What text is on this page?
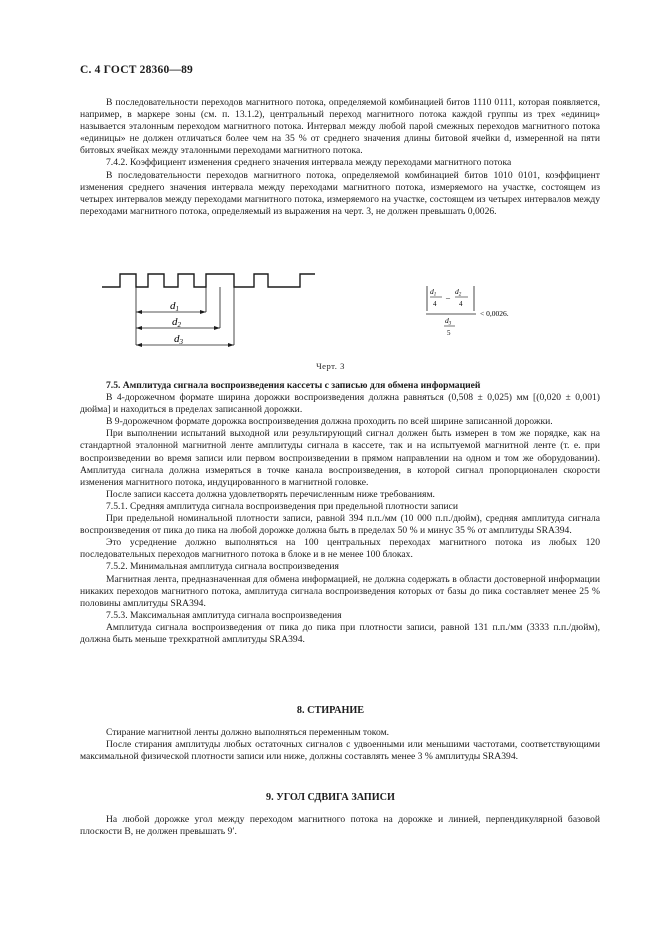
С. 4 ГОСТ 28360—89

В последовательности переходов магнитного потока, определяемой комбинацией битов 1110 0111, которая появляется, например, в маркере зоны (см. п. 13.1.2), центральный переход магнитного потока каждой группы из трех «единиц» называется эталонным переходом магнитного потока. Интервал между любой парой смежных переходов магнитного потока «единицы» не должен отличаться более чем на 35 % от среднего значения длины битовой ячейки d, измеренной на пяти битовых ячейках между эталонными переходами магнитного потока.

7.4.2. Коэффициент изменения среднего значения интервала между переходами магнитного потока

В последовательности переходов магнитного потока, определяемой комбинацией битов 1010 0101, коэффициент изменения среднего значения интервала между переходами магнитного потока, измеряемого на участке, состоящем из четырех интервалов между переходами магнитного потока, измеряемого на участке, состоящем из четырех интервалов между переходами магнитного потока, определяемый из выражения на черт. 3, не должен превышать 0,0026.

d1
d2
d3
$d_1$
4
–
$d_2$
4
$d_3$
5
< 0,0026.
Черт. 3

7.5. Амплитуда сигнала воспроизведения кассеты с записью для обмена информацией

В 4-дорожечном формате ширина дорожки воспроизведения должна равняться (0,508 ± 0,025) мм [(0,020 ± 0,001) дюйма] и находиться в пределах записанной дорожки.

В 9-дорожечном формате дорожка воспроизведения должна проходить по всей ширине записанной дорожки.

При выполнении испытаний выходной или результирующий сигнал должен быть измерен в том же порядке, как на стандартной эталонной магнитной ленте амплитуды сигнала в кассете, так и на испытуемой магнитной ленте (т. е. при воспроизведении во время записи или первом воспроизведении в прямом направлении на одном и том же оборудовании). Амплитуда сигнала должна измеряться в точке канала воспроизведения, в которой сигнал пропорционален скорости изменения магнитного потока, индуцированного в магнитной головке.

После записи кассета должна удовлетворять перечисленным ниже требованиям.

7.5.1. Средняя амплитуда сигнала воспроизведения при предельной плотности записи

При предельной номинальной плотности записи, равной 394 п.п./мм (10 000 п.п./дюйм), средняя амплитуда сигнала воспроизведения от пика до пика на любой дорожке должна быть в пределах 50 % и минус 35 % от амплитуды SRA394.

Это усреднение должно выполняться на 100 центральных переходах магнитного потока из любых 120 последовательных переходов магнитного потока в блоке и в не менее 100 блоках.

7.5.2. Минимальная амплитуда сигнала воспроизведения

Магнитная лента, предназначенная для обмена информацией, не должна содержать в области достоверной информации никаких переходов магнитного потока, амплитуда сигнала воспроизведения которых от базы до пика составляет менее 25 % половины амплитуды SRA394.

7.5.3. Максимальная амплитуда сигнала воспроизведения

Амплитуда сигнала воспроизведения от пика до пика при плотности записи, равной 131 п.п./мм (3333 п.п./дюйм), должна быть меньше трехкратной амплитуды SRA394.

8. СТИРАНИЕ

Стирание магнитной ленты должно выполняться переменным током.

После стирания амплитуды любых остаточных сигналов с удвоенными или меньшими частотами, соответствующими максимальной физической плотности записи или ниже, должны составлять менее 3 % амплитуды SRA394.

9. УГОЛ СДВИГА ЗАПИСИ

На любой дорожке угол между переходом магнитного потока на дорожке и линией, перпендикулярной базовой плоскости B, не должен превышать 9′.
